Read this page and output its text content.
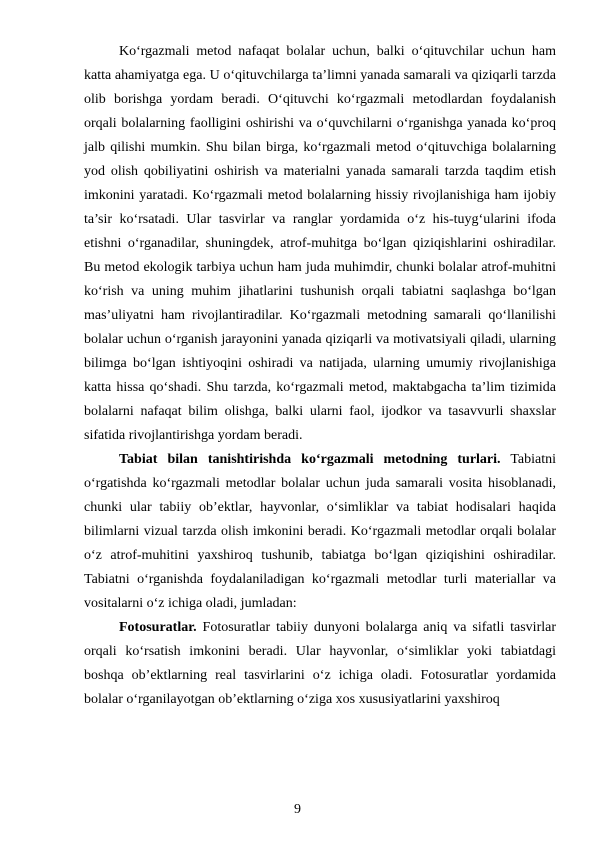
Ko‘rgazmali metod nafaqat bolalar uchun, balki o‘qituvchilar uchun ham katta ahamiyatga ega. U o‘qituvchilarga ta’limni yanada samarali va qiziqarli tarzda olib borishga yordam beradi. O‘qituvchi ko‘rgazmali metodlardan foydalanish orqali bolalarning faolligini oshirishi va o‘quvchilarni o‘rganishga yanada ko‘proq jalb qilishi mumkin. Shu bilan birga, ko‘rgazmali metod o‘qituvchiga bolalarning yod olish qobiliyatini oshirish va materialni yanada samarali tarzda taqdim etish imkonini yaratadi. Ko‘rgazmali metod bolalarning hissiy rivojlanishiga ham ijobiy ta’sir ko‘rsatadi. Ular tasvirlar va ranglar yordamida o‘z his-tuyg‘ularini ifoda etishni o‘rganadilar, shuningdek, atrof-muhitga bo‘lgan qiziqishlarini oshiradilar. Bu metod ekologik tarbiya uchun ham juda muhimdir, chunki bolalar atrof-muhitni ko‘rish va uning muhim jihatlarini tushunish orqali tabiatni saqlashga bo‘lgan mas’uliyatni ham rivojlantiradilar. Ko‘rgazmali metodning samarali qo‘llanilishi bolalar uchun o‘rganish jarayonini yanada qiziqarli va motivatsiyali qiladi, ularning bilimga bo‘lgan ishtiyoqini oshiradi va natijada, ularning umumiy rivojlanishiga katta hissa qo‘shadi. Shu tarzda, ko‘rgazmali metod, maktabgacha ta’lim tizimida bolalarni nafaqat bilim olishga, balki ularni faol, ijodkor va tasavvurli shaxslar sifatida rivojlantirishga yordam beradi.

Tabiat bilan tanishtirishda ko‘rgazmali metodning turlari. Tabiatni o‘rgatishda ko‘rgazmali metodlar bolalar uchun juda samarali vosita hisoblanadi, chunki ular tabiiy ob’ektlar, hayvonlar, o‘simliklar va tabiat hodisalari haqida bilimlarni vizual tarzda olish imkonini beradi. Ko‘rgazmali metodlar orqali bolalar o‘z atrof-muhitini yaxshiroq tushunib, tabiatga bo‘lgan qiziqishini oshiradilar. Tabiatni o‘rganishda foydalaniladigan ko‘rgazmali metodlar turli materiallar va vositalarni o‘z ichiga oladi, jumladan:

Fotosuratlar. Fotosuratlar tabiiy dunyoni bolalarga aniq va sifatli tasvirlar orqali ko‘rsatish imkonini beradi. Ular hayvonlar, o‘simliklar yoki tabiatdagi boshqa ob’ektlarning real tasvirlarini o‘z ichiga oladi. Fotosuratlar yordamida bolalar o‘rganilayotgan ob’ektlarning o‘ziga xos xususiyatlarini yaxshiroq

9
